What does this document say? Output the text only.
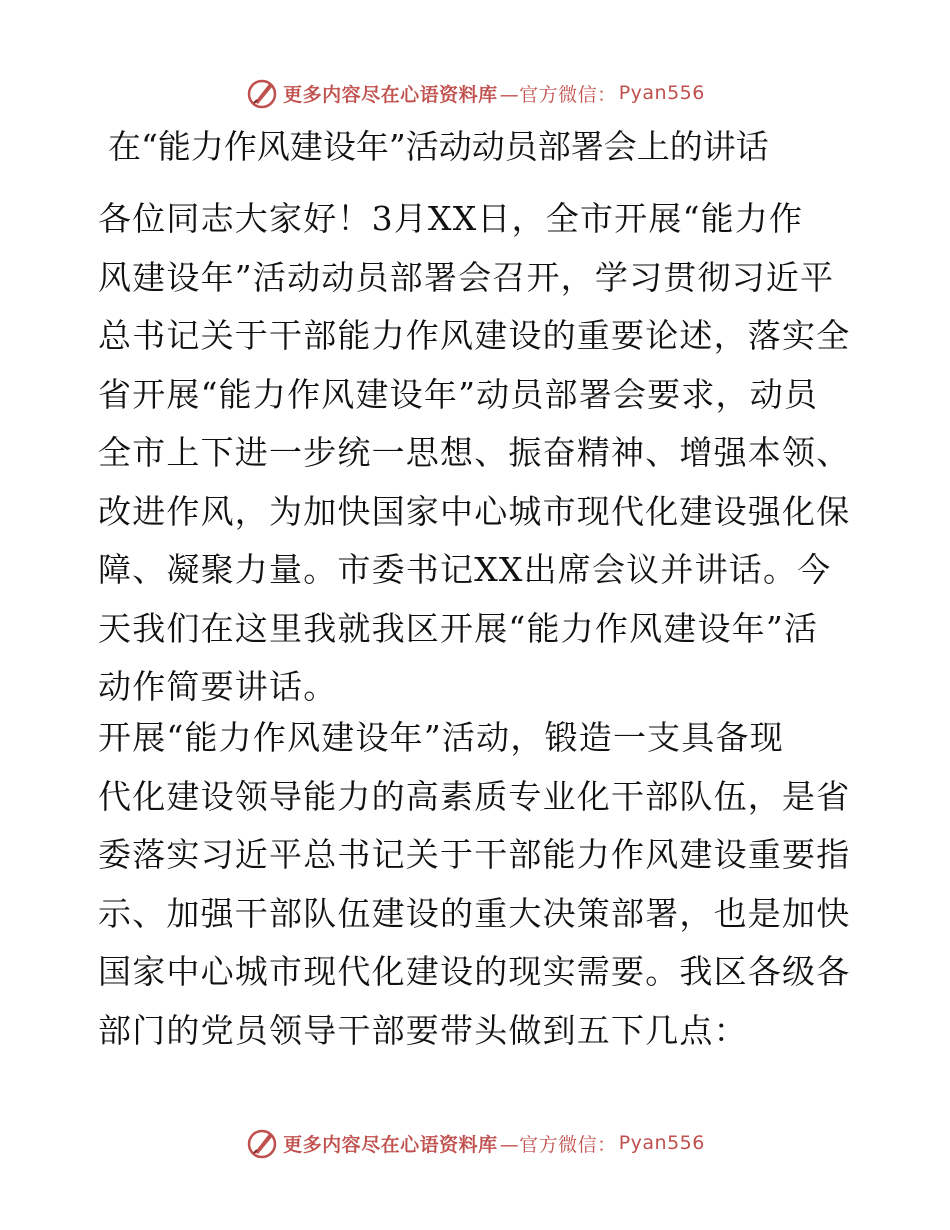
更多内容尽在心语资料库 —官方微信： Pyan556
在“能力作风建设年”活动动员部署会上的讲话
各位同志大家好！3月XX日，全市开展“能力作
风建设年”活动动员部署会召开，学习贯彻习近平
总书记关于干部能力作风建设的重要论述，落实全
省开展“能力作风建设年”动员部署会要求，动员
全市上下进一步统一思想、振奋精神、增强本领、
改进作风，为加快国家中心城市现代化建设强化保
障、凝聚力量。市委书记XX出席会议并讲话。今
天我们在这里我就我区开展“能力作风建设年”活
动作简要讲话。
开展“能力作风建设年”活动，锻造一支具备现
代化建设领导能力的高素质专业化干部队伍，是省
委落实习近平总书记关于干部能力作风建设重要指
示、加强干部队伍建设的重大决策部署，也是加快
国家中心城市现代化建设的现实需要。我区各级各
部门的党员领导干部要带头做到五下几点：
更多内容尽在心语资料库 —官方微信： Pyan556
